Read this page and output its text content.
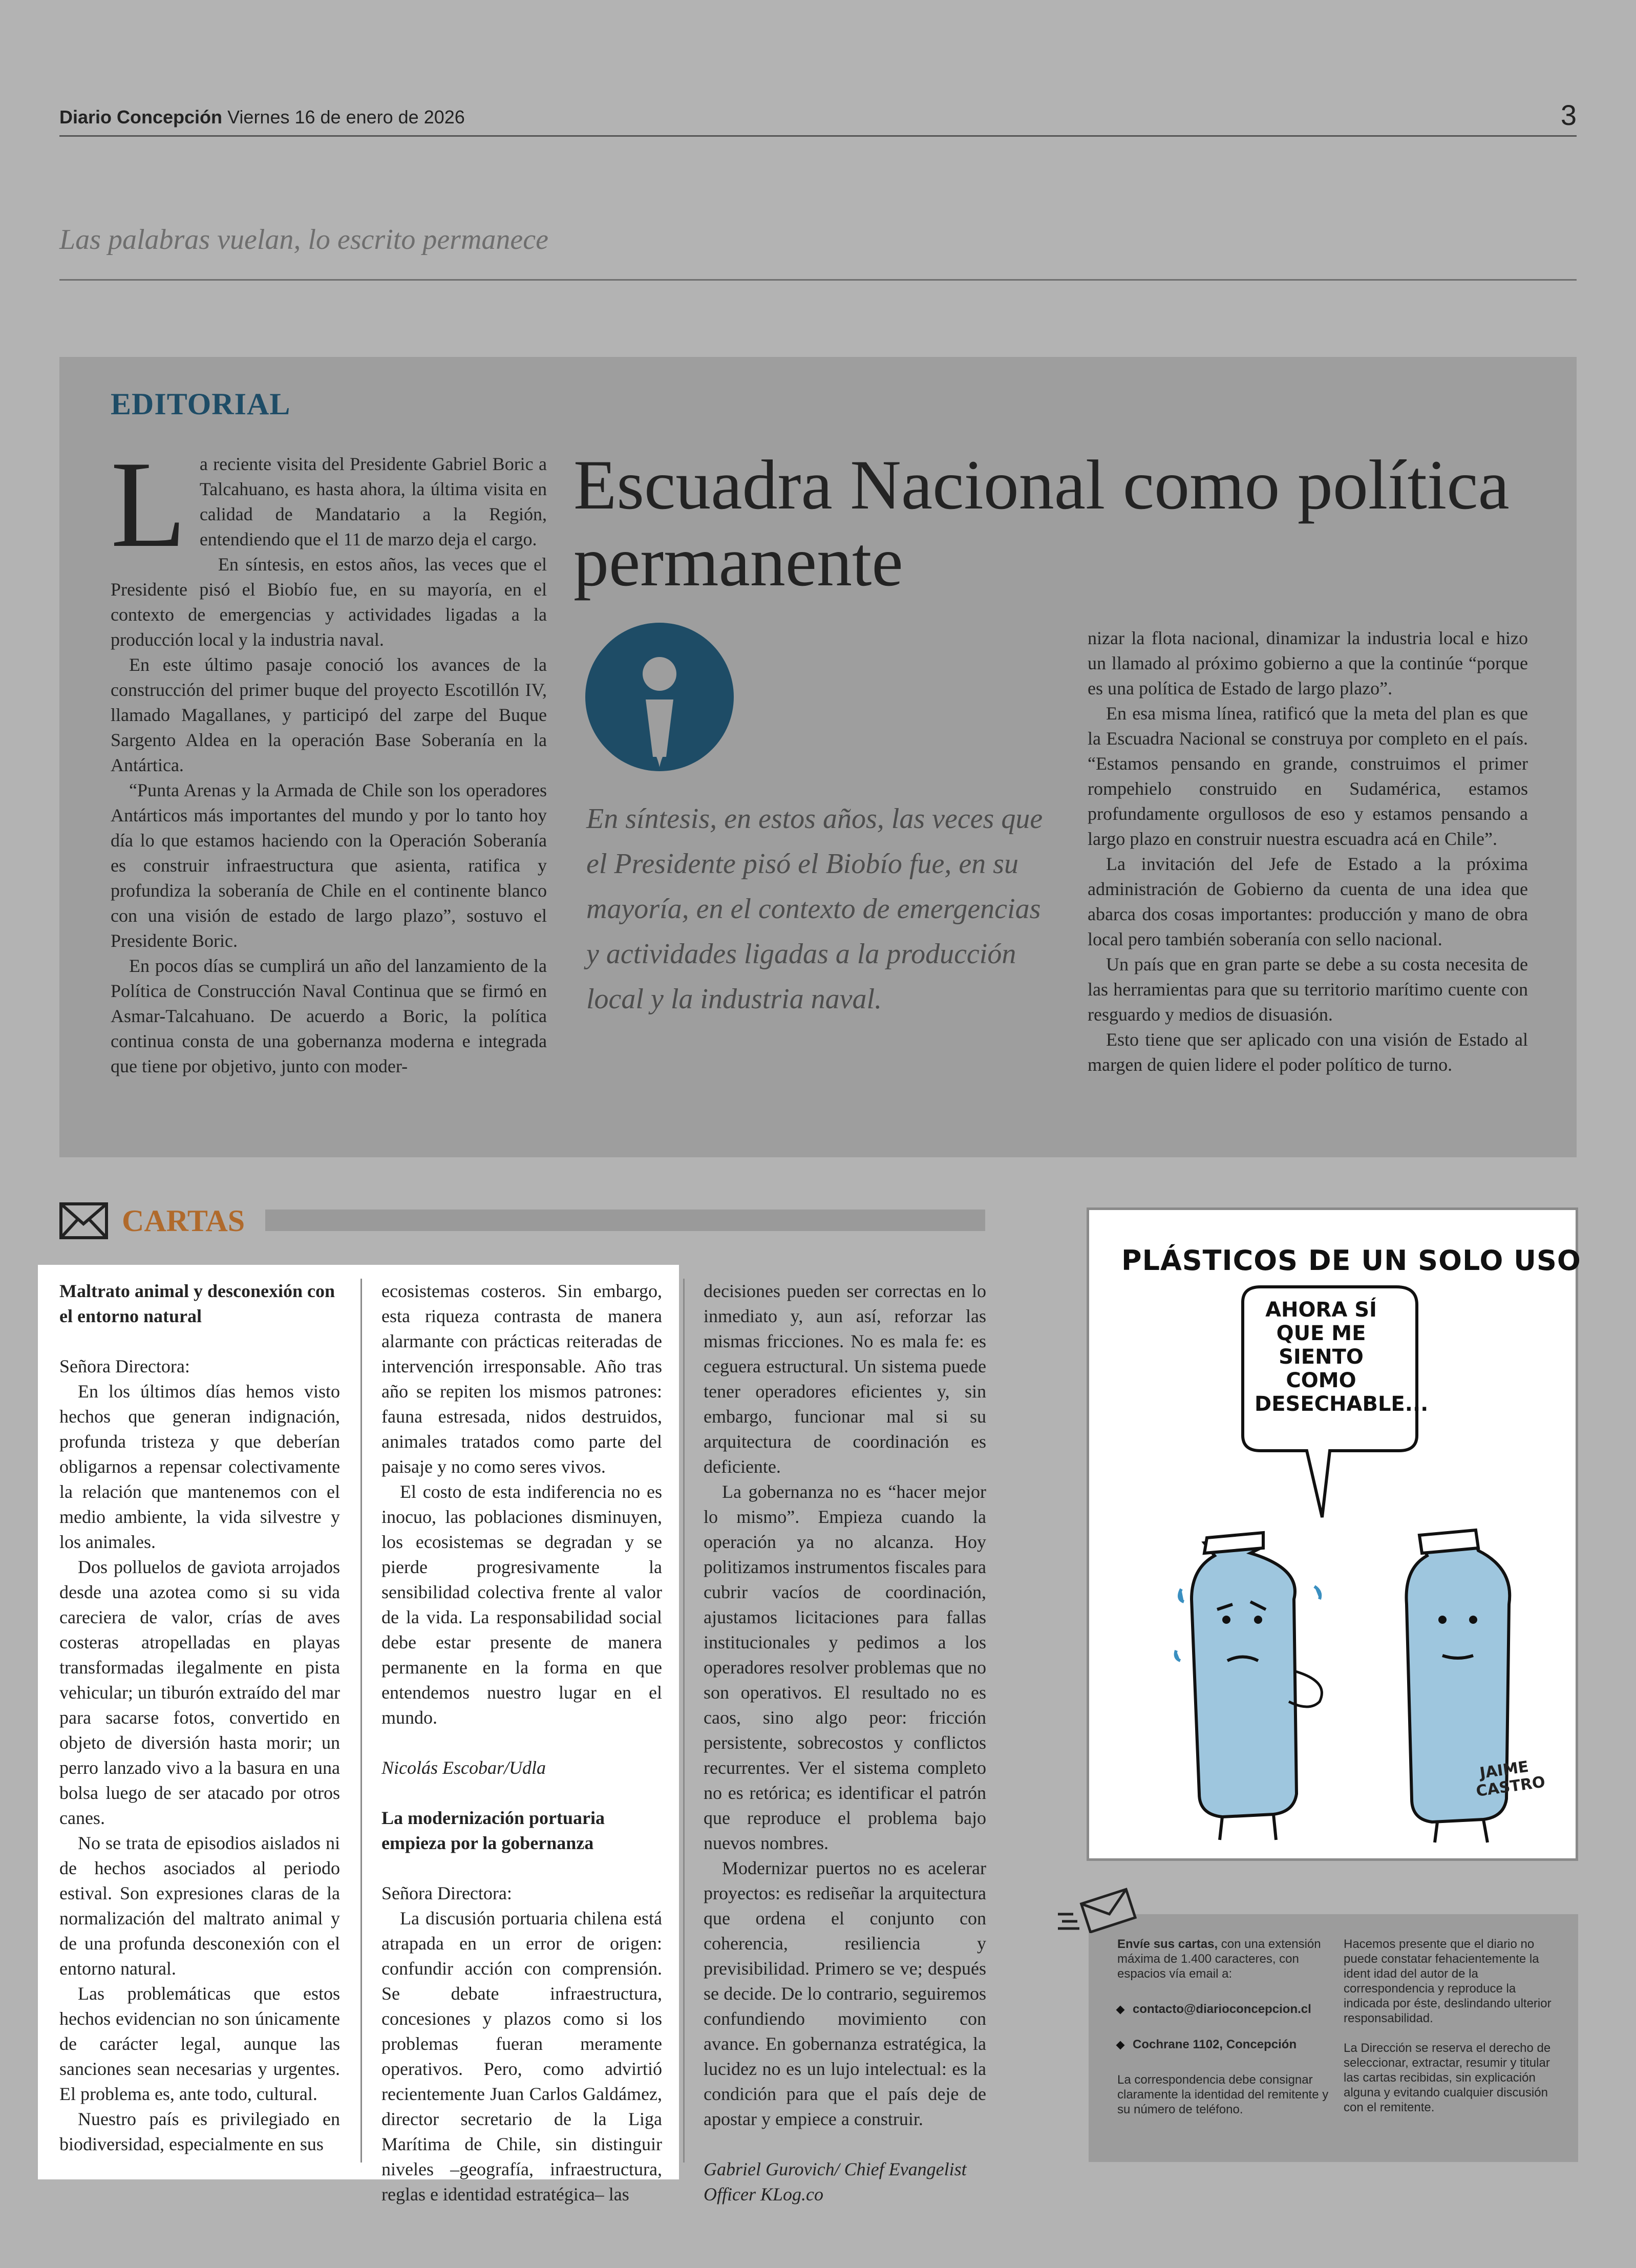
Diario Concepción Viernes 16 de enero de 2026	3
Las palabras vuelan, lo escrito permanece
EDITORIAL
Escuadra Nacional como política permanente
L a reciente visita del Presidente Gabriel Boric a Talcahuano, es hasta ahora, la última visita en calidad de Mandatario a la Región, entendiendo que el 11 de marzo deja el cargo.

En síntesis, en estos años, las veces que el Presidente pisó el Biobío fue, en su mayoría, en el contexto de emergencias y actividades ligadas a la producción local y la industria naval.

En este último pasaje conoció los avances de la construcción del primer buque del proyecto Escotillón IV, llamado Magallanes, y participó del zarpe del Buque Sargento Aldea en la operación Base Soberanía en la Antártica.

“Punta Arenas y la Armada de Chile son los operadores Antárticos más importantes del mundo y por lo tanto hoy día lo que estamos haciendo con la Operación Soberanía es construir infraestructura que asienta, ratifica y profundiza la soberanía de Chile en el continente blanco con una visión de estado de largo plazo”, sostuvo el Presidente Boric.

En pocos días se cumplirá un año del lanzamiento de la Política de Construcción Naval Continua que se firmó en Asmar-Talcahuano. De acuerdo a Boric, la política continua consta de una gobernanza moderna e integrada que tiene por objetivo, junto con moder-

En síntesis, en estos años, las veces que el Presidente pisó el Biobío fue, en su mayoría, en el contexto de emergencias y actividades ligadas a la producción local y la industria naval.

nizar la flota nacional, dinamizar la industria local e hizo un llamado al próximo gobierno a que la continúe “porque es una política de Estado de largo plazo”.

En esa misma línea, ratificó que la meta del plan es que la Escuadra Nacional se construya por completo en el país. “Estamos pensando en grande, construimos el primer rompehielo construido en Sudamérica, estamos profundamente orgullosos de eso y estamos pensando a largo plazo en construir nuestra escuadra acá en Chile”.

La invitación del Jefe de Estado a la próxima administración de Gobierno da cuenta de una idea que abarca dos cosas importantes: producción y mano de obra local pero también soberanía con sello nacional.

Un país que en gran parte se debe a su costa necesita de las herramientas para que su territorio marítimo cuente con resguardo y medios de disuasión.

Esto tiene que ser aplicado con una visión de Estado al margen de quien lidere el poder político de turno.

CARTAS

Maltrato animal y desconexión con el entorno natural

Señora Directora:

En los últimos días hemos visto hechos que generan indignación, profunda tristeza y que deberían obligarnos a repensar colectivamente la relación que mantenemos con el medio ambiente, la vida silvestre y los animales.

Dos polluelos de gaviota arrojados desde una azotea como si su vida careciera de valor, crías de aves costeras atropelladas en playas transformadas ilegalmente en pista vehicular; un tiburón extraído del mar para sacarse fotos, convertido en objeto de diversión hasta morir; un perro lanzado vivo a la basura en una bolsa luego de ser atacado por otros canes.

No se trata de episodios aislados ni de hechos asociados al periodo estival. Son expresiones claras de la normalización del maltrato animal y de una profunda desconexión con el entorno natural.

Las problemáticas que estos hechos evidencian no son únicamente de carácter legal, aunque las sanciones sean necesarias y urgentes. El problema es, ante todo, cultural.

Nuestro país es privilegiado en biodiversidad, especialmente en sus

ecosistemas costeros. Sin embargo, esta riqueza contrasta de manera alarmante con prácticas reiteradas de intervención irresponsable. Año tras año se repiten los mismos patrones: fauna estresada, nidos destruidos, animales tratados como parte del paisaje y no como seres vivos.

El costo de esta indiferencia no es inocuo, las poblaciones disminuyen, los ecosistemas se degradan y se pierde progresivamente la sensibilidad colectiva frente al valor de la vida. La responsabilidad social debe estar presente de manera permanente en la forma en que entendemos nuestro lugar en el mundo.

Nicolás Escobar/Udla

La modernización portuaria empieza por la gobernanza

Señora Directora:

La discusión portuaria chilena está atrapada en un error de origen: confundir acción con comprensión. Se debate infraestructura, concesiones y plazos como si los problemas fueran meramente operativos. Pero, como advirtió recientemente Juan Carlos Galdámez, director secretario de la Liga Marítima de Chile, sin distinguir niveles –geografía, infraestructura, reglas e identidad estratégica– las

decisiones pueden ser correctas en lo inmediato y, aun así, reforzar las mismas fricciones. No es mala fe: es ceguera estructural. Un sistema puede tener operadores eficientes y, sin embargo, funcionar mal si su arquitectura de coordinación es deficiente.

La gobernanza no es “hacer mejor lo mismo”. Empieza cuando la operación ya no alcanza. Hoy politizamos instrumentos fiscales para cubrir vacíos de coordinación, ajustamos licitaciones para fallas institucionales y pedimos a los operadores resolver problemas que no son operativos. El resultado no es caos, sino algo peor: fricción persistente, sobrecostos y conflictos recurrentes. Ver el sistema completo no es retórica; es identificar el patrón que reproduce el problema bajo nuevos nombres.

Modernizar puertos no es acelerar proyectos: es rediseñar la arquitectura que ordena el conjunto con coherencia, resiliencia y previsibilidad. Primero se ve; después se decide. De lo contrario, seguiremos confundiendo movimiento con avance. En gobernanza estratégica, la lucidez no es un lujo intelectual: es la condición para que el país deje de apostar y empiece a construir.

Gabriel Gurovich/ Chief Evangelist Officer KLog.co

PLÁSTICOS DE UN SOLO USO
AHORA SÍ QUE ME SIENTO COMO DESECHABLE...
JAIME CASTRO

Envíe sus cartas, con una extensión máxima de 1.400 caracteres, con espacios vía email a:

contacto@diarioconcepcion.cl

Cochrane 1102, Concepción

La correspondencia debe consignar claramente la identidad del remitente y su número de teléfono.

Hacemos presente que el diario no puede constatar fehacientemente la ident idad del autor de la correspondencia y reproduce la indicada por éste, deslindando ulterior responsabilidad.

La Dirección se reserva el derecho de seleccionar, extractar, resumir y titular las cartas recibidas, sin explicación alguna y evitando cualquier discusión con el remitente.
